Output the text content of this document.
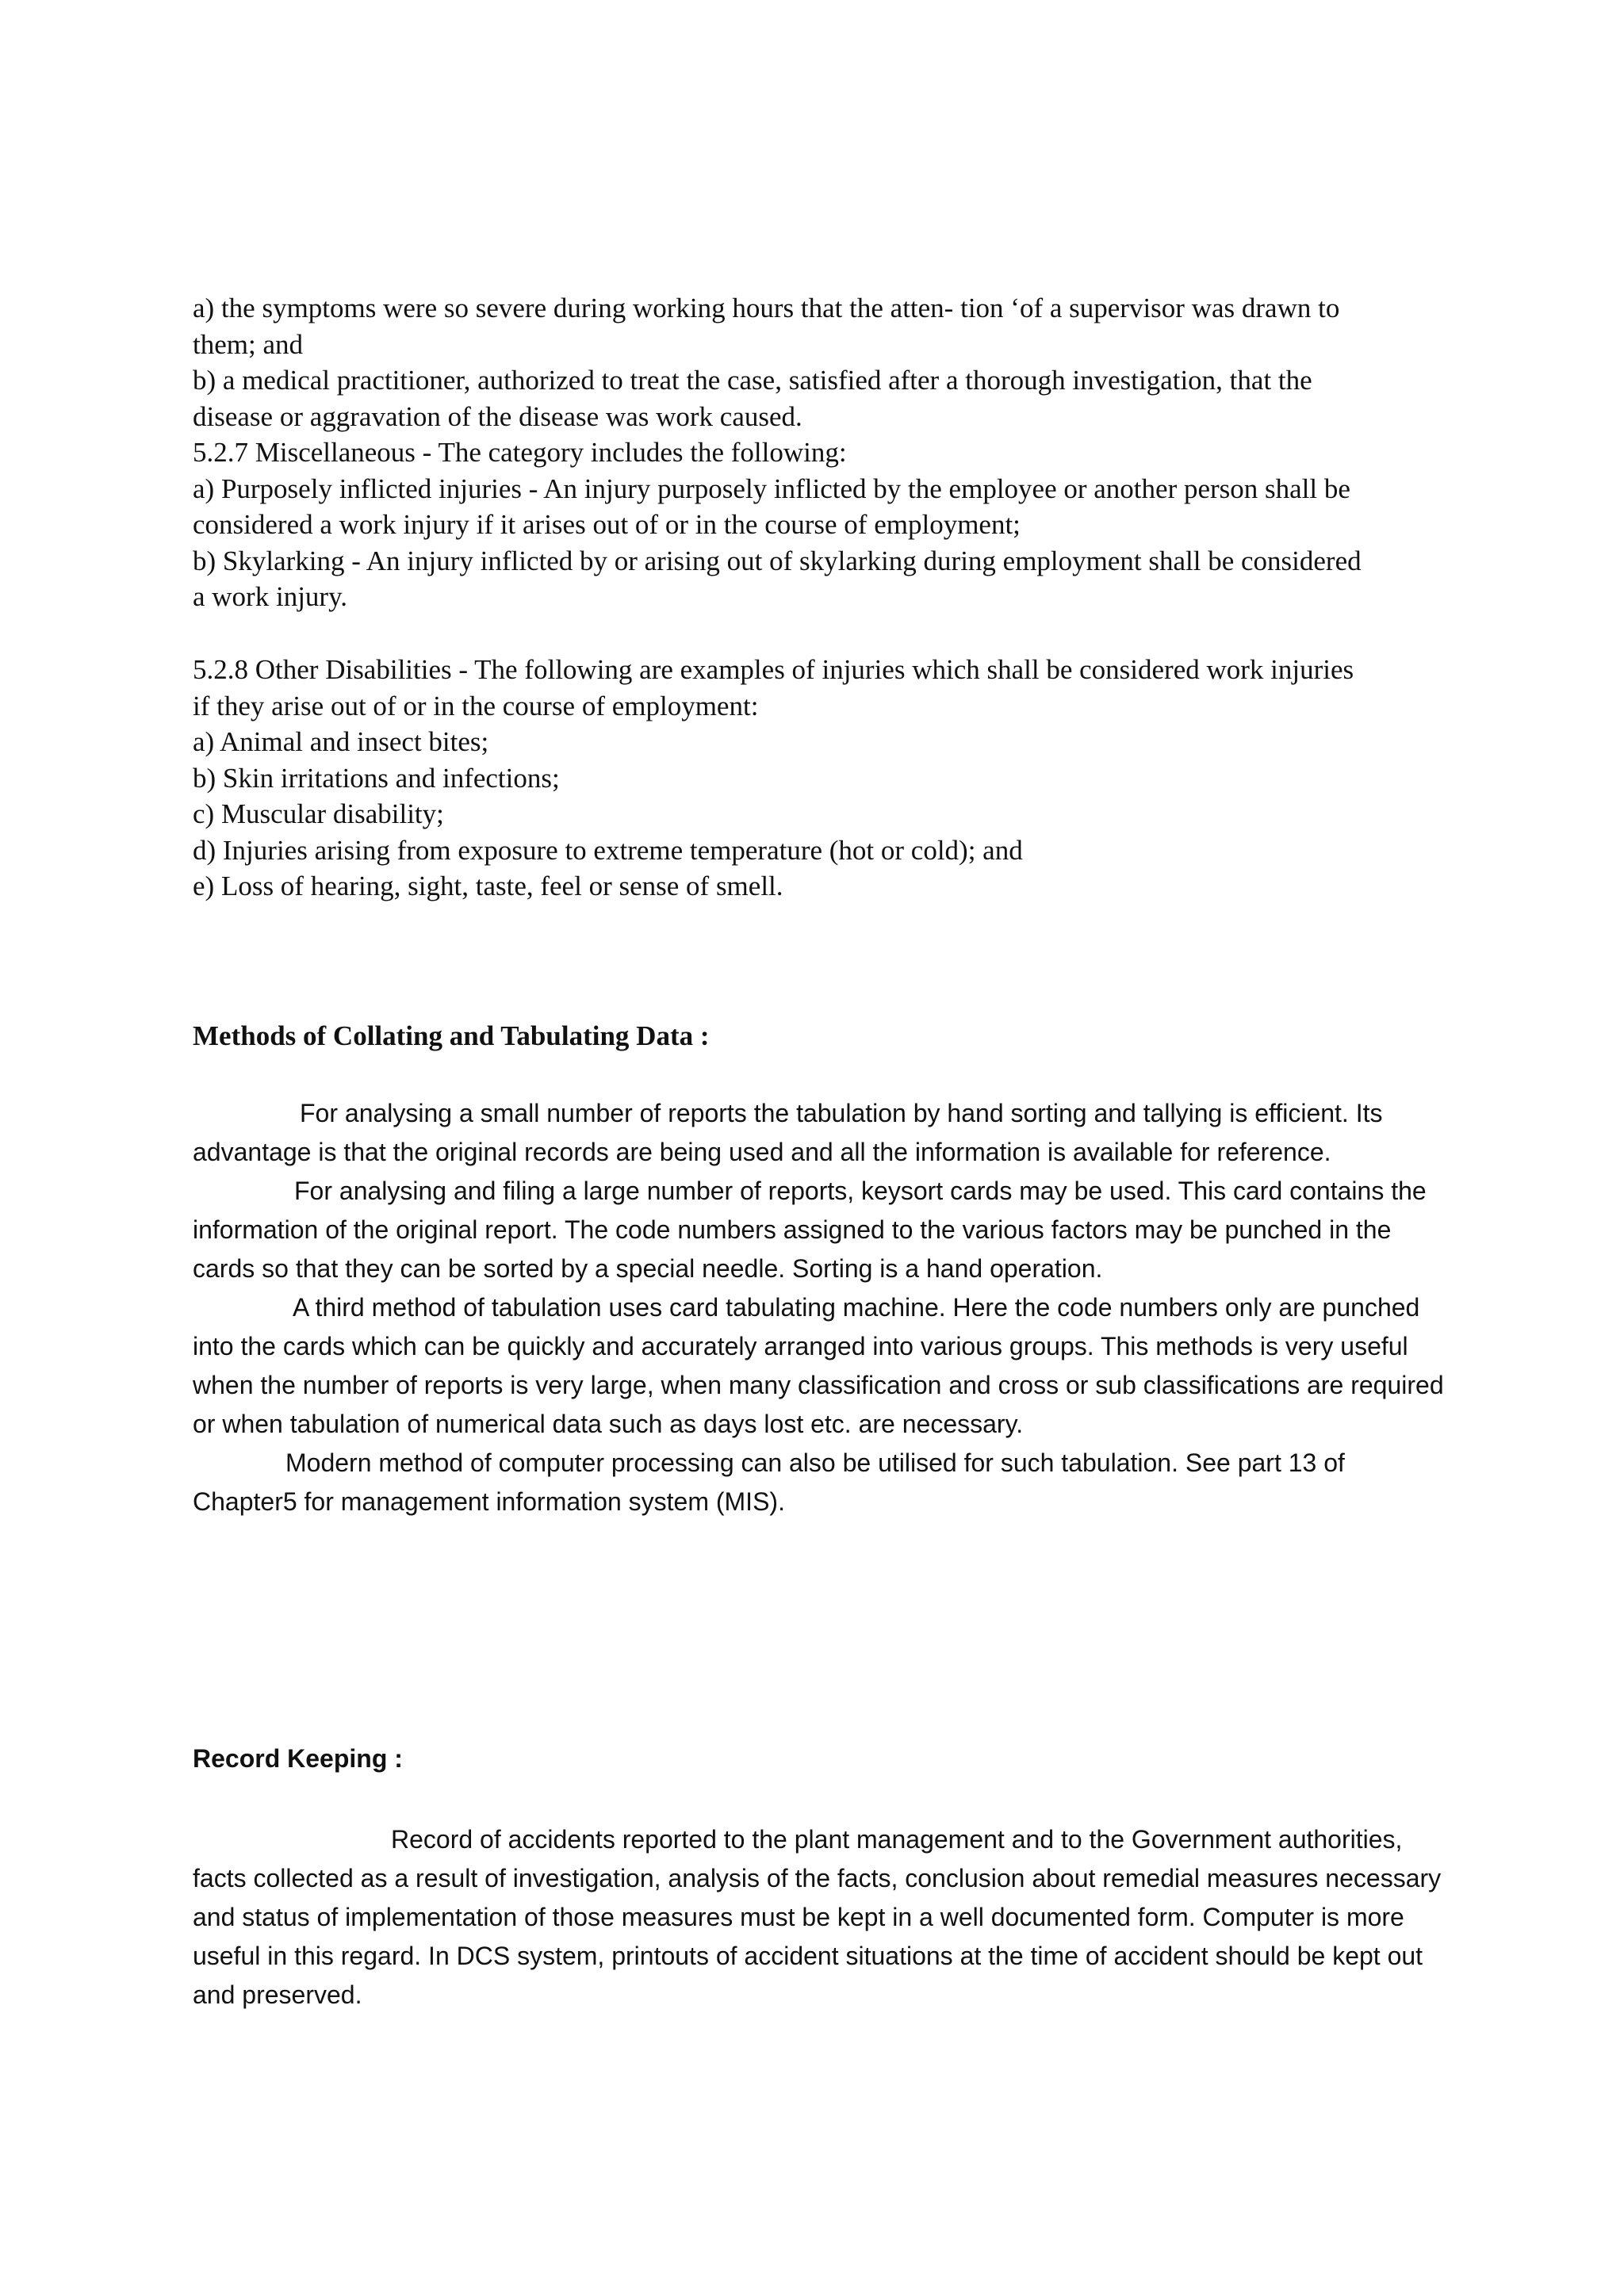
a) the symptoms were so severe during working hours that the atten- tion ‘of a supervisor was drawn to

them; and

b) a medical practitioner, authorized to treat the case, satisfied after a thorough investigation, that the

disease or aggravation of the disease was work caused.

5.2.7 Miscellaneous - The category includes the following:

a) Purposely inflicted injuries - An injury purposely inflicted by the employee or another person shall be

considered a work injury if it arises out of or in the course of employment;

b) Skylarking - An injury inflicted by or arising out of skylarking during employment shall be considered

a work injury.

5.2.8 Other Disabilities - The following are examples of injuries which shall be considered work injuries

if they arise out of or in the course of employment:

a) Animal and insect bites;

b) Skin irritations and infections;

c) Muscular disability;

d) Injuries arising from exposure to extreme temperature (hot or cold); and

e) Loss of hearing, sight, taste, feel or sense of smell.

Methods of Collating and Tabulating Data :

For analysing a small number of reports the tabulation by hand sorting and tallying is efficient. Its advantage is that the original records are being used and all the information is available for reference.

For analysing and filing a large number of reports, keysort cards may be used. This card contains the information of the original report. The code numbers assigned to the various factors may be punched in the cards so that they can be sorted by a special needle. Sorting is a hand operation.

A third method of tabulation uses card tabulating machine. Here the code numbers only are punched into the cards which can be quickly and accurately arranged into various groups. This methods is very useful when the number of reports is very large, when many classification and cross or sub classifications are required or when tabulation of numerical data such as days lost etc. are necessary.

Modern method of computer processing can also be utilised for such tabulation. See part 13 of Chapter5 for management information system (MIS).

Record Keeping :

Record of accidents reported to the plant management and to the Government authorities, facts collected as a result of investigation, analysis of the facts, conclusion about remedial measures necessary and status of implementation of those measures must be kept in a well documented form. Computer is more useful in this regard. In DCS system, printouts of accident situations at the time of accident should be kept out and preserved.
